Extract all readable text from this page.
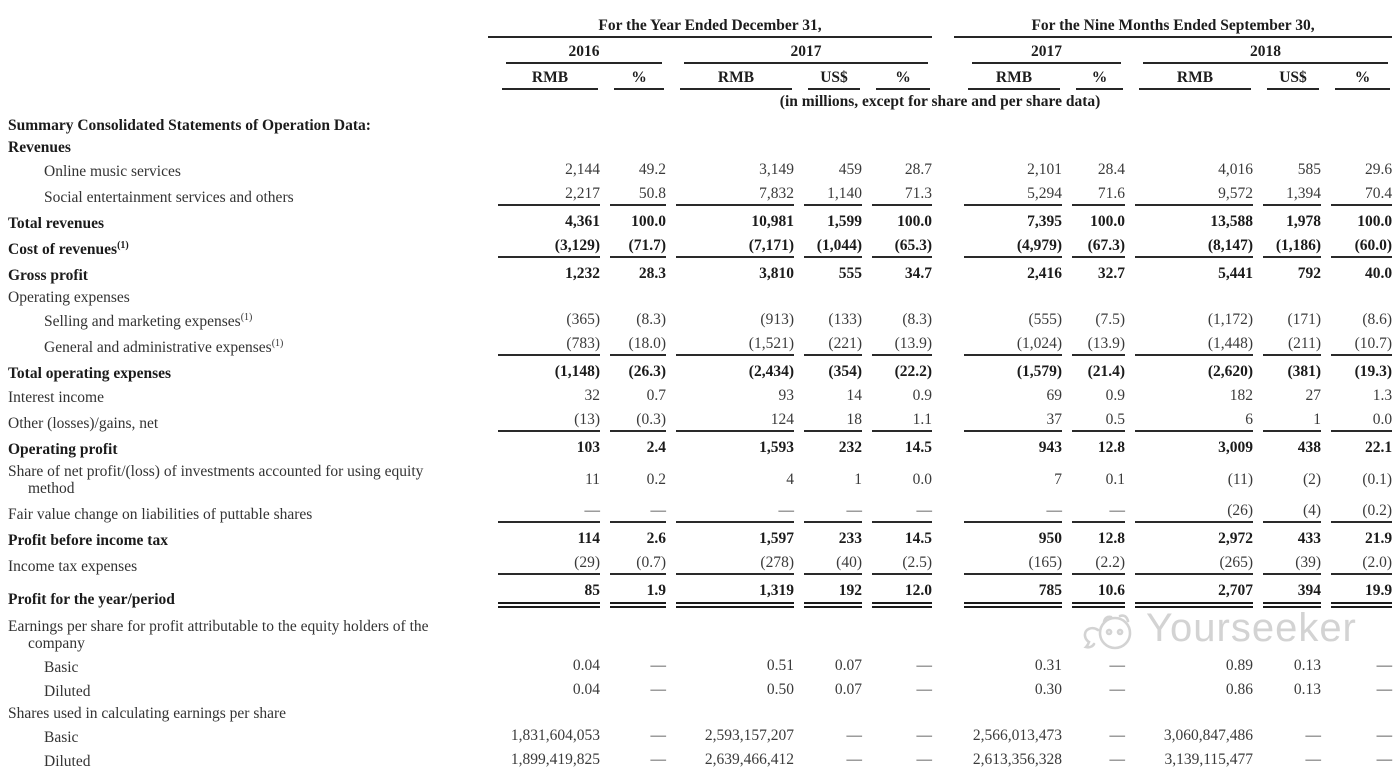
	For the Year Ended December 31,						For the Nine Months Ended September 30,				

	2016		2017				2017		2018		

	RMB	%	RMB	US$	%		RMB	%	RMB	US$	%

	(in millions, except for share and per share data)										
Summary Consolidated Statements of Operation Data:											
Revenues											
Online music services	2,144	49.2	3,149	459	28.7		2,101	28.4	4,016	585	29.6

Social entertainment services and others	2,217	50.8	7,832	1,140	71.3		5,294	71.6	9,572	1,394	70.4

Total revenues	4,361	100.0	10,981	1,599	100.0		7,395	100.0	13,588	1,978	100.0

Cost of revenues$^{(1)}$	(3,129)	(71.7)	(7,171)	(1,044)	(65.3)		(4,979)	(67.3)	(8,147)	(1,186)	(60.0)

Gross profit	1,232	28.3	3,810	555	34.7		2,416	32.7	5,441	792	40.0

Operating expenses											
Selling and marketing expenses$^{(1)}$	(365)	(8.3)	(913)	(133)	(8.3)		(555)	(7.5)	(1,172)	(171)	(8.6)

General and administrative expenses$^{(1)}$	(783)	(18.0)	(1,521)	(221)	(13.9)		(1,024)	(13.9)	(1,448)	(211)	(10.7)

Total operating expenses	(1,148)	(26.3)	(2,434)	(354)	(22.2)		(1,579)	(21.4)	(2,620)	(381)	(19.3)

Interest income	32	0.7	93	14	0.9		69	0.9	182	27	1.3

Other (losses)/gains, net	(13)	(0.3)	124	18	1.1		37	0.5	6	1	0.0

Operating profit	103	2.4	1,593	232	14.5		943	12.8	3,009	438	22.1

Share of net profit/(loss) of investments accounted for using equity
method	11	0.2	4	1	0.0		7	0.1	(11)	(2)	(0.1)

Fair value change on liabilities of puttable shares	—	—	—	—	—		—	—	(26)	(4)	(0.2)

Profit before income tax	114	2.6	1,597	233	14.5		950	12.8	2,972	433	21.9

Income tax expenses	(29)	(0.7)	(278)	(40)	(2.5)		(165)	(2.2)	(265)	(39)	(2.0)

Profit for the year/period	85	1.9	1,319	192	12.0		785	10.6	2,707	394	19.9

Earnings per share for profit attributable to the equity holders of the
company											

Basic	0.04	—	0.51	0.07	—		0.31	—	0.89	0.13	—

Diluted	0.04	—	0.50	0.07	—		0.30	—	0.86	0.13	—

Shares used in calculating earnings per share											
Basic	1,831,604,053	—	2,593,157,207	—	—		2,566,013,473	—	3,060,847,486	—	—

Diluted	1,899,419,825	—	2,639,466,412	—	—		2,613,356,328	—	3,139,115,477	—	—
Yourseeker
